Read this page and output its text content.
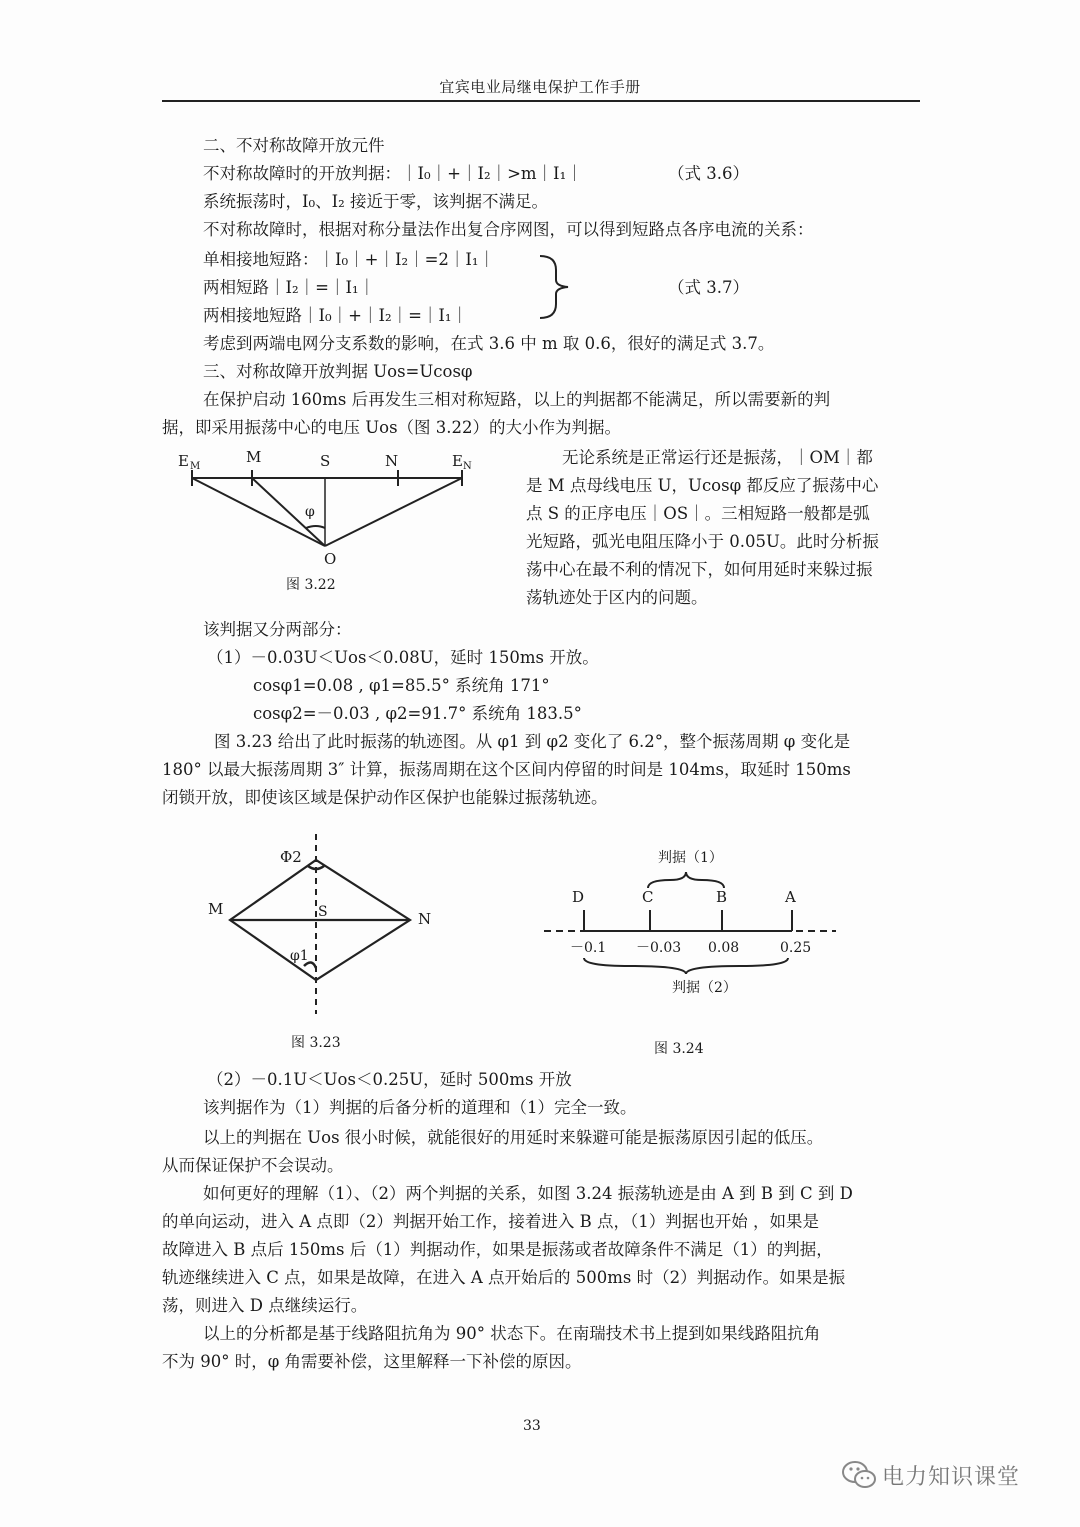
宜宾电业局继电保护工作手册
二、不对称故障开放元件
不对称故障时的开放判据：｜I₀｜+｜I₂｜>m｜I₁｜	（式 3.6）
系统振荡时，I₀、I₂ 接近于零，该判据不满足。
不对称故障时，根据对称分量法作出复合序网图，可以得到短路点各序电流的关系：
单相接地短路：｜I₀｜+｜I₂｜=2｜I₁｜
两相短路｜I₂｜=｜I₁｜
两相接地短路｜I₀｜+｜I₂｜=｜I₁｜
（式 3.7）
考虑到两端电网分支系数的影响，在式 3.6 中 m 取 0.6，很好的满足式 3.7。
三、对称故障开放判据 Uos=Ucosφ
在保护启动 160ms 后再发生三相对称短路，以上的判据都不能满足，所以需要新的判
据，即采用振荡中心的电压 Uos（图 3.22）的大小作为判据。
E M
M	S	N	E N
φ
O
图 3.22
无论系统是正常运行还是振荡，｜OM｜都
是 M 点母线电压 U，Ucosφ 都反应了振荡中心
点 S 的正序电压｜OS｜。三相短路一般都是弧
光短路，弧光电阻压降小于 0.05U。此时分析振
荡中心在最不利的情况下，如何用延时来躲过振
荡轨迹处于区内的问题。
该判据又分两部分：
（1）－0.03U＜Uos＜0.08U，延时 150ms 开放。
cosφ1=0.08 , φ1=85.5° 系统角 171°
cosφ2=－0.03 , φ2=91.7° 系统角 183.5°
图 3.23 给出了此时振荡的轨迹图。从 φ1 到 φ2 变化了 6.2°，整个振荡周期 φ 变化是
180° 以最大振荡周期 3″ 计算，振荡周期在这个区间内停留的时间是 104ms，取延时 150ms
闭锁开放，即使该区域是保护动作区保护也能躲过振荡轨迹。
Φ2
M	S	N
φ1
图 3.23
判据（1）
D	C	B	A
－0.1 －0.03 0.08	0.25
判据（2）
图 3.24
（2）－0.1U＜Uos＜0.25U，延时 500ms 开放
该判据作为（1）判据的后备分析的道理和（1）完全一致。
以上的判据在 Uos 很小时候，就能很好的用延时来躲避可能是振荡原因引起的低压。
从而保证保护不会误动。
如何更好的理解（1）、（2）两个判据的关系，如图 3.24 振荡轨迹是由 A 到 B 到 C 到 D
的单向运动，进入 A 点即（2）判据开始工作，接着进入 B 点，（1）判据也开始 ，如果是
故障进入 B 点后 150ms 后（1）判据动作，如果是振荡或者故障条件不满足（1）的判据，
轨迹继续进入 C 点，如果是故障，在进入 A 点开始后的 500ms 时（2）判据动作。如果是振
荡，则进入 D 点继续运行。
以上的分析都是基于线路阻抗角为 90° 状态下。在南瑞技术书上提到如果线路阻抗角
不为 90° 时，φ 角需要补偿，这里解释一下补偿的原因。
33
电力知识课堂
